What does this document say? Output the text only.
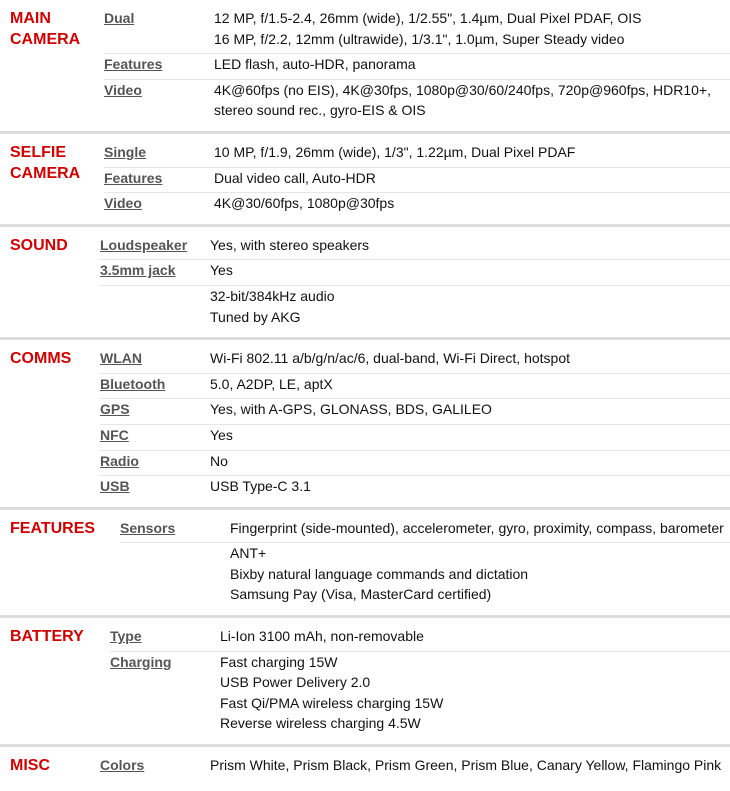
MAIN
CAMERA
Dual	12 MP, f/1.5-2.4, 26mm (wide), 1/2.55", 1.4µm, Dual Pixel PDAF, OIS
16 MP, f/2.2, 12mm (ultrawide), 1/3.1", 1.0µm, Super Steady video
Features	LED flash, auto-HDR, panorama
Video	4K@60fps (no EIS), 4K@30fps, 1080p@30/60/240fps, 720p@960fps, HDR10+, stereo sound rec., gyro-EIS & OIS
SELFIE
CAMERA
Single	10 MP, f/1.9, 26mm (wide), 1/3", 1.22µm, Dual Pixel PDAF
Features	Dual video call, Auto-HDR
Video	4K@30/60fps, 1080p@30fps
SOUND	Loudspeaker	Yes, with stereo speakers
3.5mm jack	Yes
32-bit/384kHz audio
Tuned by AKG
COMMS	WLAN	Wi-Fi 802.11 a/b/g/n/ac/6, dual-band, Wi-Fi Direct, hotspot
Bluetooth	5.0, A2DP, LE, aptX
GPS	Yes, with A-GPS, GLONASS, BDS, GALILEO
NFC	Yes
Radio	No
USB	USB Type-C 3.1
FEATURES	Sensors	Fingerprint (side-mounted), accelerometer, gyro, proximity, compass, barometer
ANT+
Bixby natural language commands and dictation
Samsung Pay (Visa, MasterCard certified)
BATTERY	Type	Li-Ion 3100 mAh, non-removable
Charging	Fast charging 15W
USB Power Delivery 2.0
Fast Qi/PMA wireless charging 15W
Reverse wireless charging 4.5W
MISC	Colors	Prism White, Prism Black, Prism Green, Prism Blue, Canary Yellow, Flamingo Pink
